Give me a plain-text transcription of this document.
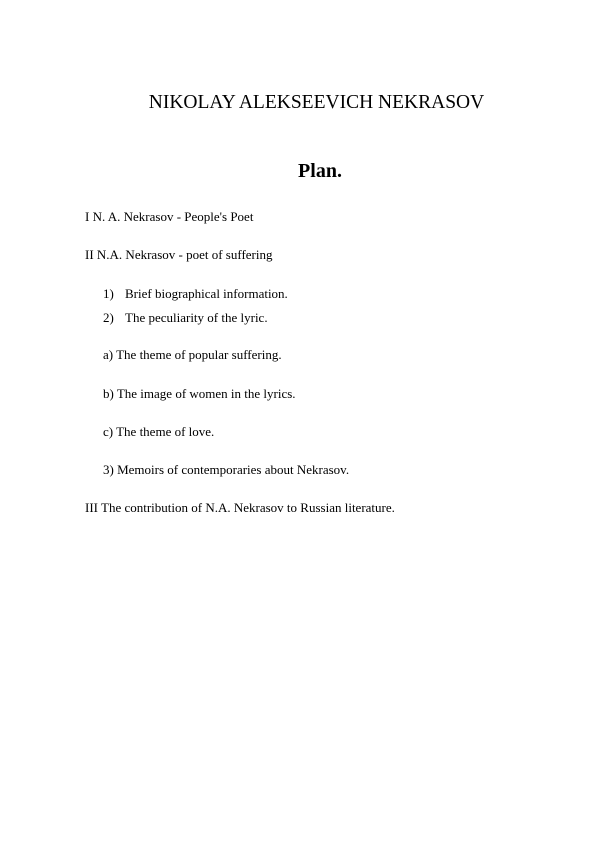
NIKOLAY ALEKSEEVICH NEKRASOV
Plan.
I N. A. Nekrasov - People's Poet
II N.A. Nekrasov - poet of suffering
1) Brief biographical information.
2) The peculiarity of the lyric.
a) The theme of popular suffering.
b) The image of women in the lyrics.
c) The theme of love.
3) Memoirs of contemporaries about Nekrasov.
III The contribution of N.A. Nekrasov to Russian literature.
